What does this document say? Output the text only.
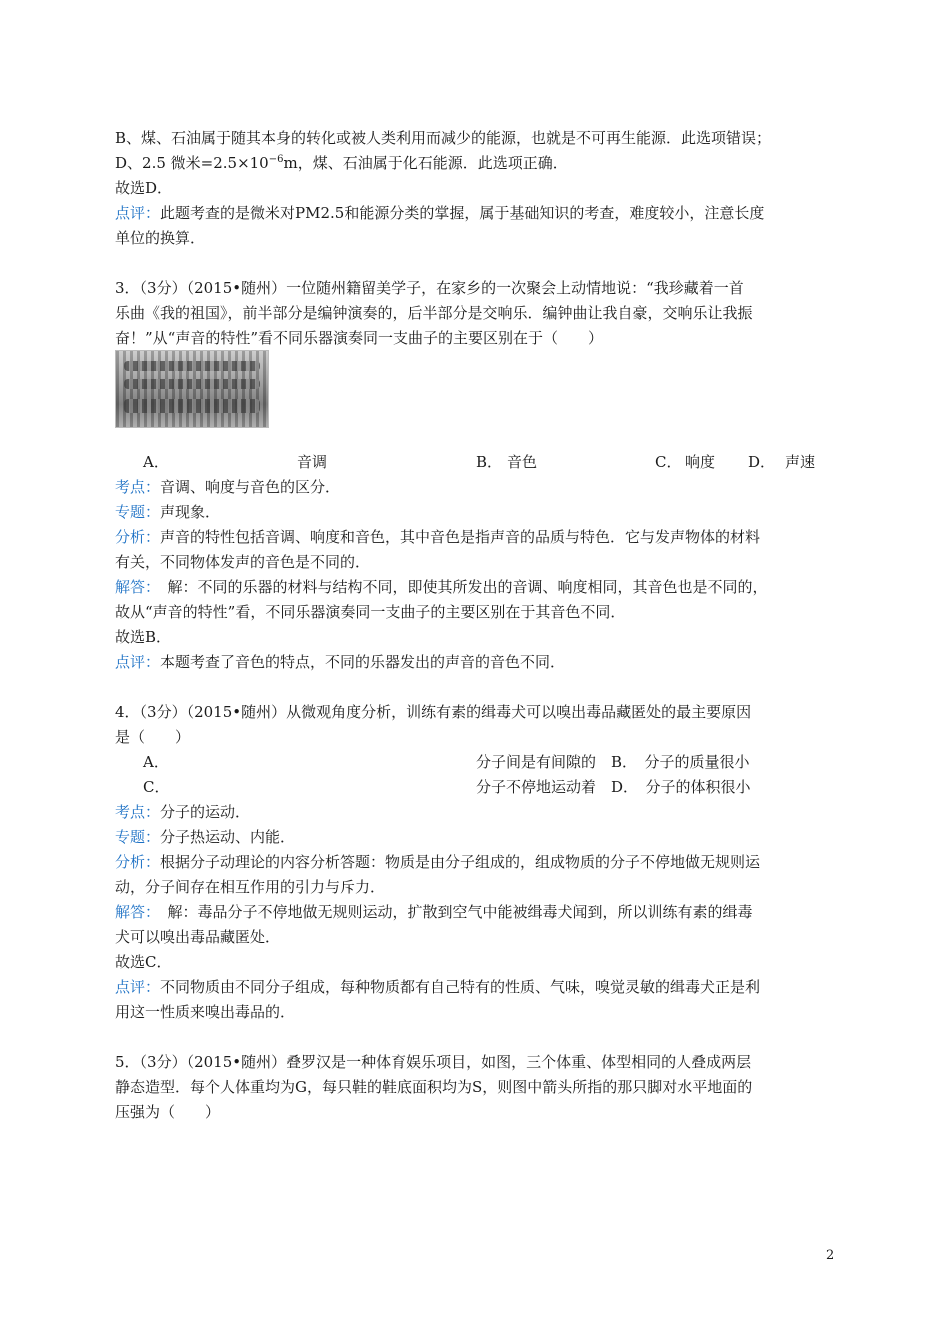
B、煤、石油属于随其本身的转化或被人类利用而减少的能源，也就是不可再生能源．此选项错误；
D、2.5 微米$=2.5\times 10^{-6}m$，煤、石油属于化石能源．此选项正确．
故选D．
点评：此题考查的是微米对PM2.5和能源分类的掌握，属于基础知识的考查，难度较小，注意长度
单位的换算．
3．（3分）（2015•随州）一位随州籍留美学子，在家乡的一次聚会上动情地说：“我珍藏着一首
乐曲《我的祖国》，前半部分是编钟演奏的，后半部分是交响乐．编钟曲让我自豪，交响乐让我振
奋！”从“声音的特性”看不同乐器演奏同一支曲子的主要区别在于（　　）
A．	音调	B． 音色	C． 响度 D． 声速
考点：音调、响度与音色的区分．
专题：声现象．
分析：声音的特性包括音调、响度和音色，其中音色是指声音的品质与特色．它与发声物体的材料
有关，不同物体发声的音色是不同的．
解答：　解：不同的乐器的材料与结构不同，即使其所发出的音调、响度相同，其音色也是不同的，
故从“声音的特性”看，不同乐器演奏同一支曲子的主要区别在于其音色不同．
故选B．
点评：本题考查了音色的特点，不同的乐器发出的声音的音色不同．
4．（3分）（2015•随州）从微观角度分析，训练有素的缉毒犬可以嗅出毒品藏匿处的最主要原因
是（　　）
A．	分子间是有间隙的 B．　分子的质量很小
C．	分子不停地运动着 D．　分子的体积很小
考点：分子的运动．
专题：分子热运动、内能．
分析：根据分子动理论的内容分析答题：物质是由分子组成的，组成物质的分子不停地做无规则运
动，分子间存在相互作用的引力与斥力．
解答：　解：毒品分子不停地做无规则运动，扩散到空气中能被缉毒犬闻到，所以训练有素的缉毒
犬可以嗅出毒品藏匿处．
故选C．
点评：不同物质由不同分子组成，每种物质都有自己特有的性质、气味，嗅觉灵敏的缉毒犬正是利
用这一性质来嗅出毒品的．
5．（3分）（2015•随州）叠罗汉是一种体育娱乐项目，如图，三个体重、体型相同的人叠成两层
静态造型．每个人体重均为G，每只鞋的鞋底面积均为S，则图中箭头所指的那只脚对水平地面的
压强为（　　）
2
